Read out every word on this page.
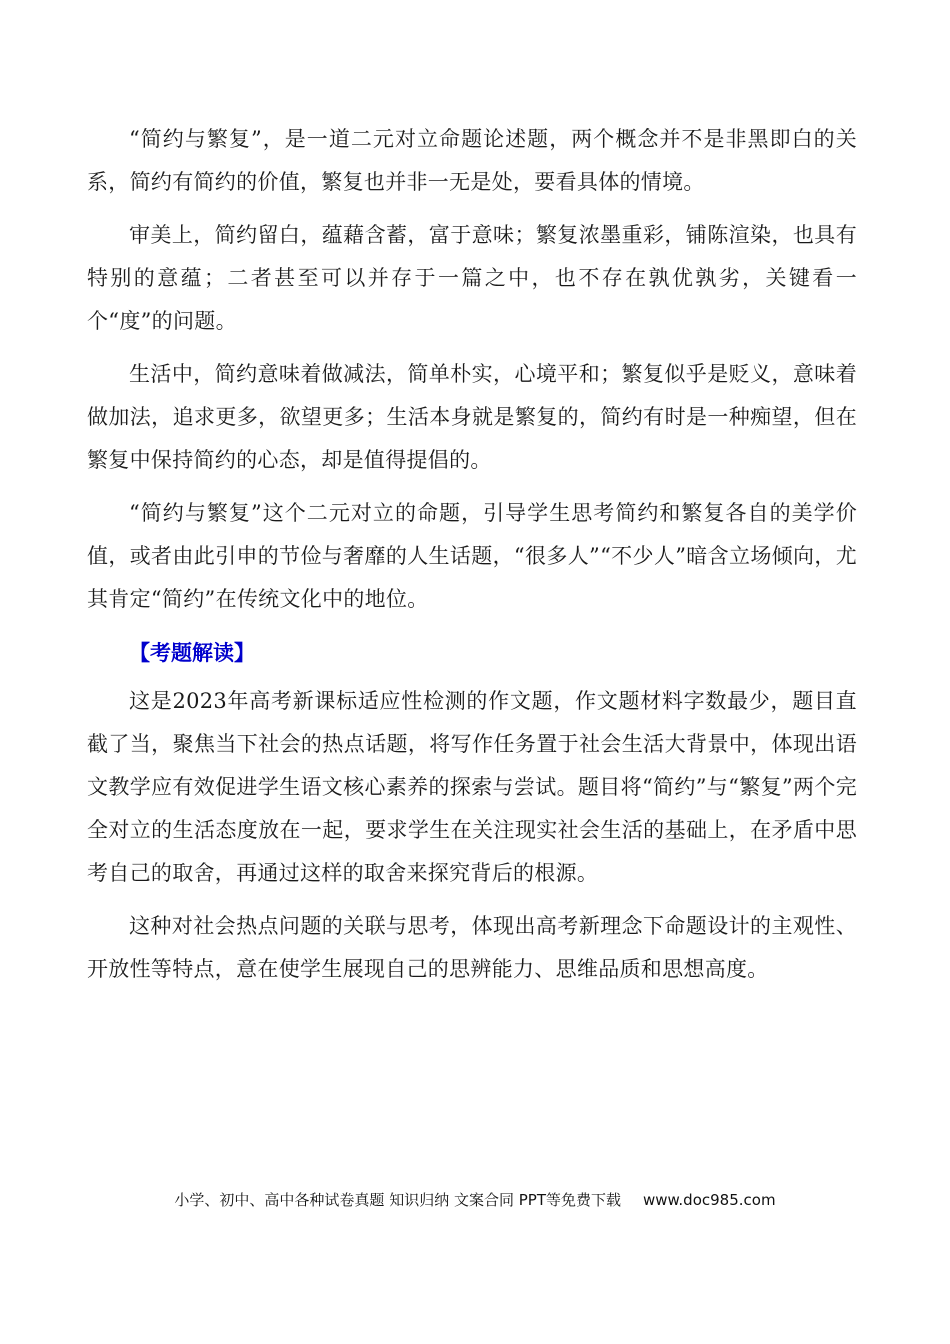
“简约与繁复”，是一道二元对立命题论述题，两个概念并不是非黑即白的关系，简约有简约的价值，繁复也并非一无是处，要看具体的情境。

审美上，简约留白，蕴藉含蓄，富于意味；繁复浓墨重彩，铺陈渲染，也具有特别的意蕴；二者甚至可以并存于一篇之中，也不存在孰优孰劣，关键看一个“度”的问题。

生活中，简约意味着做减法，简单朴实，心境平和；繁复似乎是贬义，意味着做加法，追求更多，欲望更多；生活本身就是繁复的，简约有时是一种痴望，但在繁复中保持简约的心态，却是值得提倡的。

“简约与繁复”这个二元对立的命题，引导学生思考简约和繁复各自的美学价值，或者由此引申的节俭与奢靡的人生话题，“很多人”“不少人”暗含立场倾向，尤其肯定“简约”在传统文化中的地位。

【考题解读】

这是2023年高考新课标适应性检测的作文题，作文题材料字数最少，题目直截了当，聚焦当下社会的热点话题，将写作任务置于社会生活大背景中，体现出语文教学应有效促进学生语文核心素养的探索与尝试。题目将“简约”与“繁复”两个完全对立的生活态度放在一起，要求学生在关注现实社会生活的基础上，在矛盾中思考自己的取舍，再通过这样的取舍来探究背后的根源。

这种对社会热点问题的关联与思考，体现出高考新理念下命题设计的主观性、开放性等特点，意在使学生展现自己的思辨能力、思维品质和思想高度。

小学、初中、高中各种试卷真题 知识归纳 文案合同 PPT等免费下载 www.doc985.com
